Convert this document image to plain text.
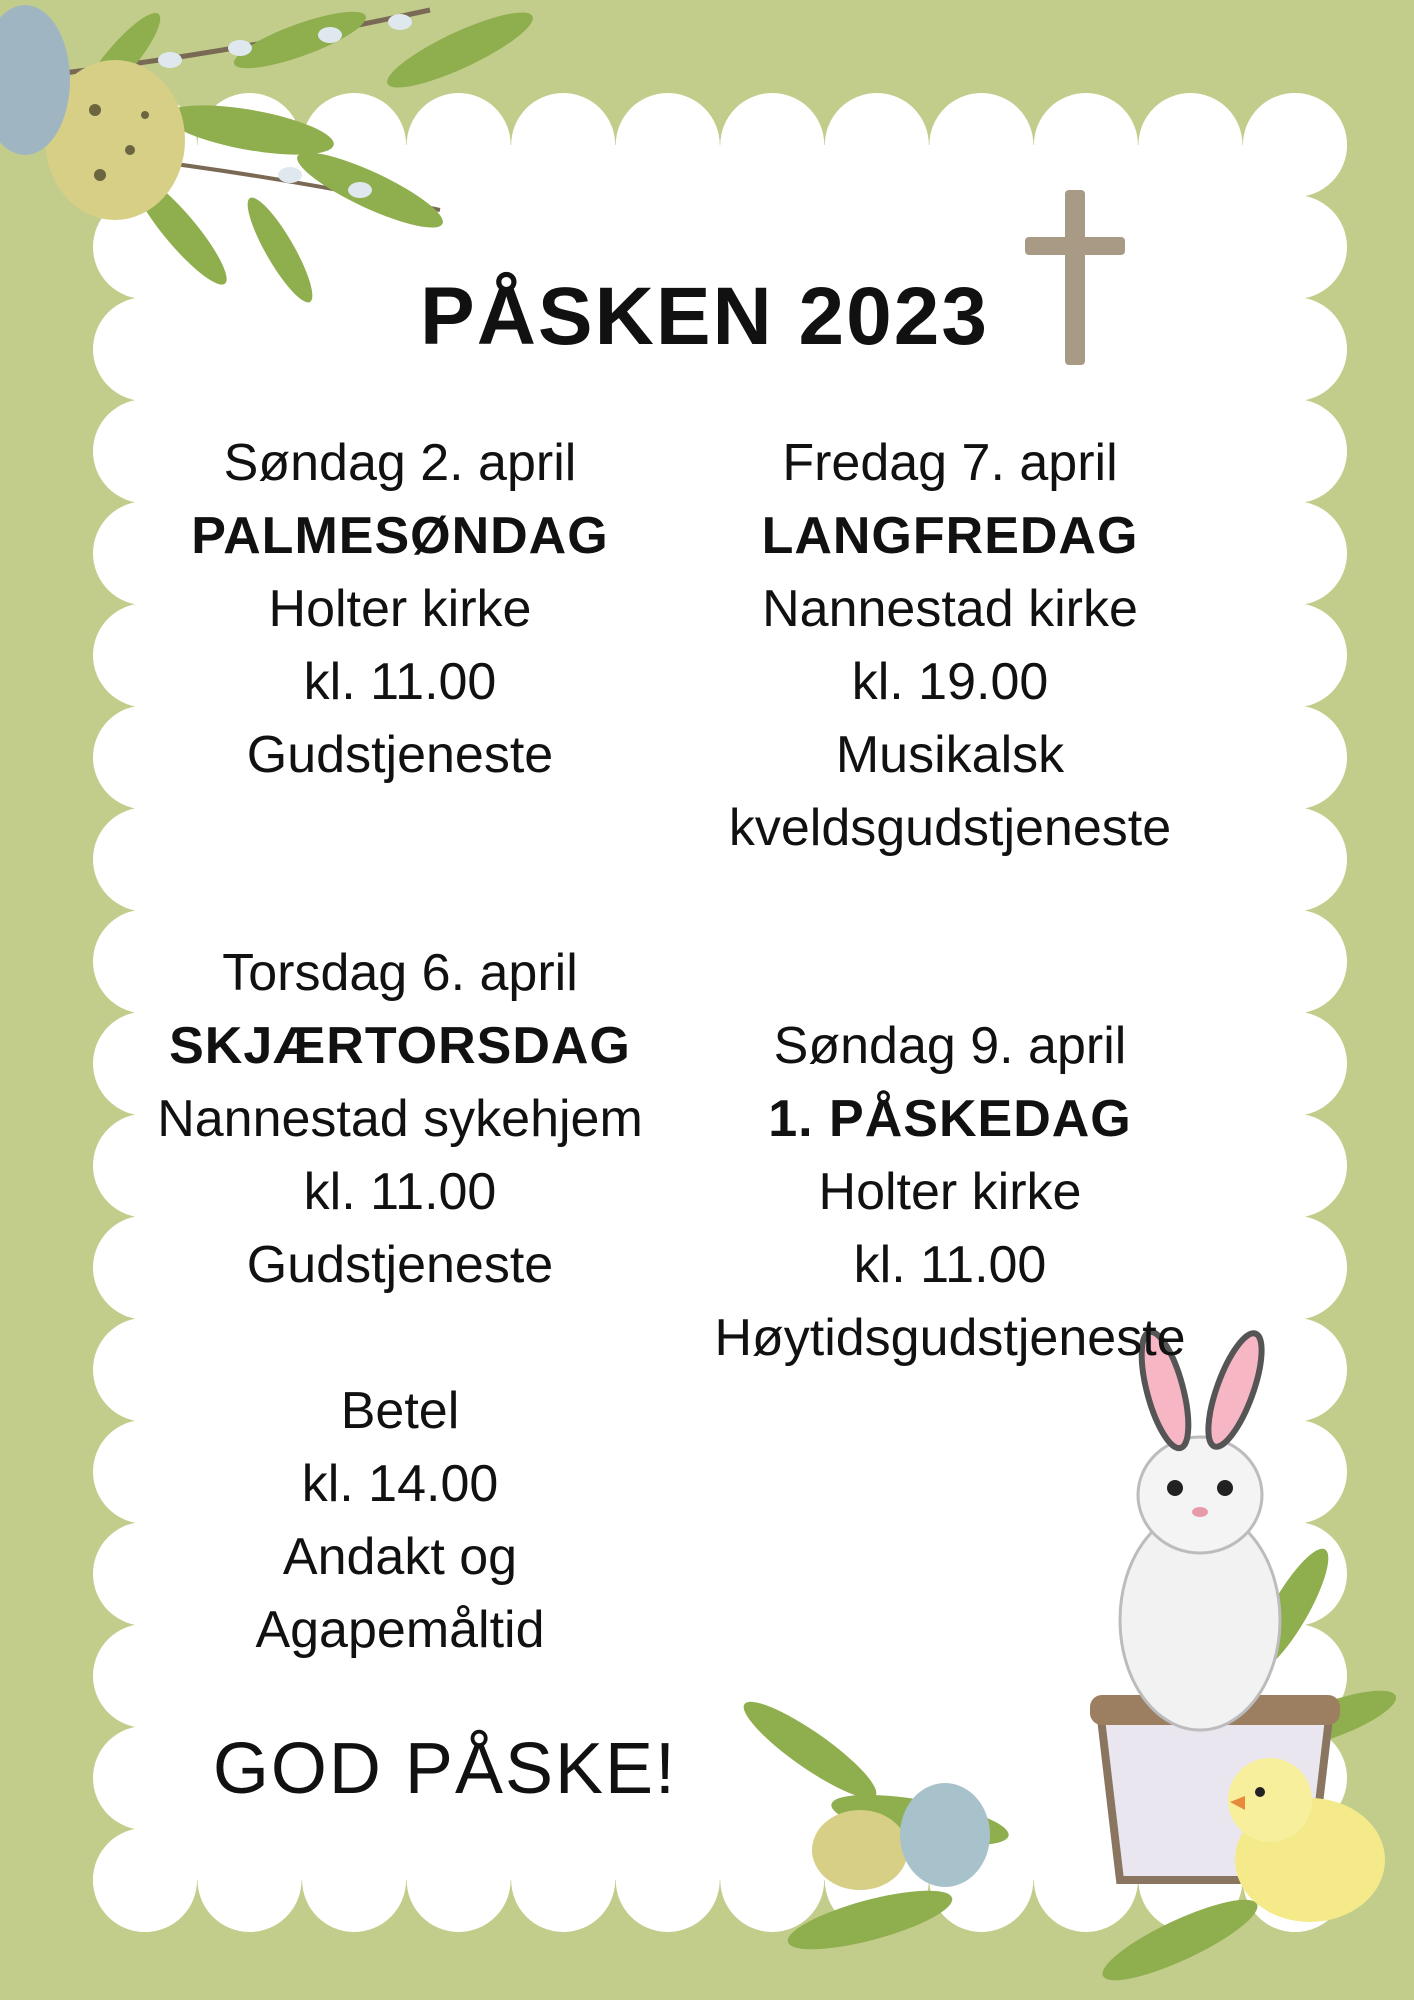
PÅSKEN 2023
Søndag 2. april
PALMESØNDAG
Holter kirke
kl. 11.00
Gudstjeneste
Fredag 7. april
LANGFREDAG
Nannestad kirke
kl. 19.00
Musikalsk
kveldsgudstjeneste
Torsdag 6. april
SKJÆRTORSDAG
Nannestad sykehjem
kl. 11.00
Gudstjeneste
Betel
kl. 14.00
Andakt og
Agapemåltid
Søndag 9. april
1. PÅSKEDAG
Holter kirke
kl. 11.00
Høytidsgudstjeneste
GOD PÅSKE!
